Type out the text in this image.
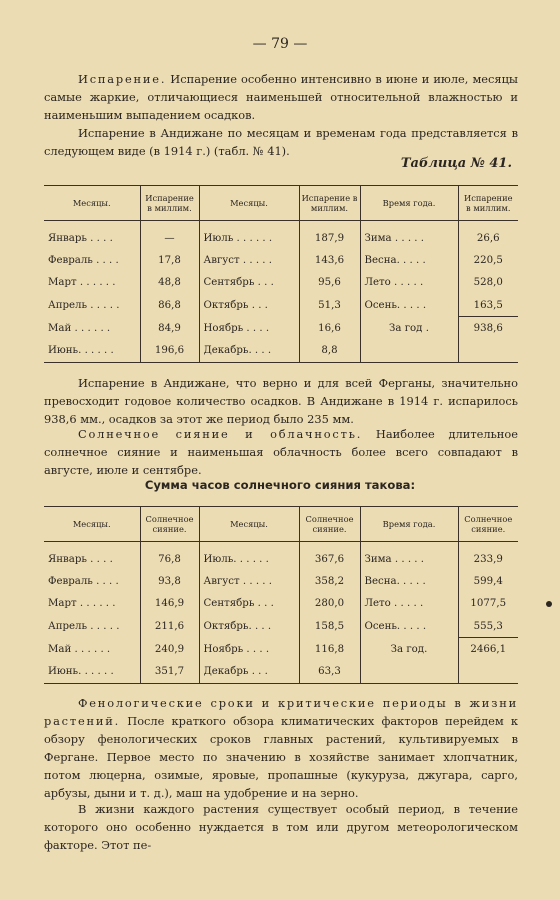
— 79 —

Испарение. Испарение особенно интенсивно в июне и июле, месяцы самые жаркие, отличающиеся наименьшей относительной влажностью и наименьшим выпадением осадков.

Испарение в Андижане по месяцам и временам года представляется в следующем виде (в 1914 г.) (табл. № 41).

Таблица № 41.
Месяцы.	Испарение в миллим.	Месяцы.	Испарение в миллим.	Время года.	Испарение в миллим.

Январь . . . .	—	Июль . . . . . .	187,9	Зима . . . . .	26,6
Февраль . . . .	17,8	Август . . . . .	143,6	Весна. . . . .	220,5
Март . . . . . .	48,8	Сентябрь . . .	95,6	Лето . . . . .	528,0
Апрель . . . . .	86,8	Октябрь . . .	51,3	Осень. . . . .	163,5
Май . . . . . .	84,9	Ноябрь . . . .	16,6	За год .	938,6
Июнь. . . . . .	196,6	Декабрь. . . .	8,8		

Испарение в Андижане, что верно и для всей Ферганы, значительно превосходит годовое количество осадков. В Андижане в 1914 г. испарилось 938,6 мм., осадков за этот же период было 235 мм.

Солнечное сияние и облачность. Наиболее длительное солнечное сияние и наименьшая облачность более всего совпадают в августе, июле и сентябре.

Сумма часов солнечного сияния такова:
Месяцы.	Солнечное сияние.	Месяцы.	Солнечное сияние.	Время года.	Солнечное сияние.

Январь . . . .	76,8	Июль. . . . . .	367,6	Зима . . . . .	233,9
Февраль . . . .	93,8	Август . . . . .	358,2	Весна. . . . .	599,4
Март . . . . . .	146,9	Сентябрь . . .	280,0	Лето . . . . .	1077,5
Апрель . . . . .	211,6	Октябрь. . . .	158,5	Осень. . . . .	555,3
Май . . . . . .	240,9	Ноябрь . . . .	116,8	За год.	2466,1
Июнь. . . . . .	351,7	Декабрь . . .	63,3		

Фенологические сроки и критические периоды в жизни растений. После краткого обзора климатических факторов перейдем к обзору фенологических сроков главных растений, культивируемых в Фергане. Первое место по значению в хозяйстве занимает хлопчатник, потом люцерна, озимые, яровые, пропашные (кукуруза, джугара, сарго, арбузы, дыни и т. д.), маш на удобрение и на зерно.

В жизни каждого растения существует особый период, в течение которого оно особенно нуждается в том или другом метеорологическом факторе. Этот пе-
